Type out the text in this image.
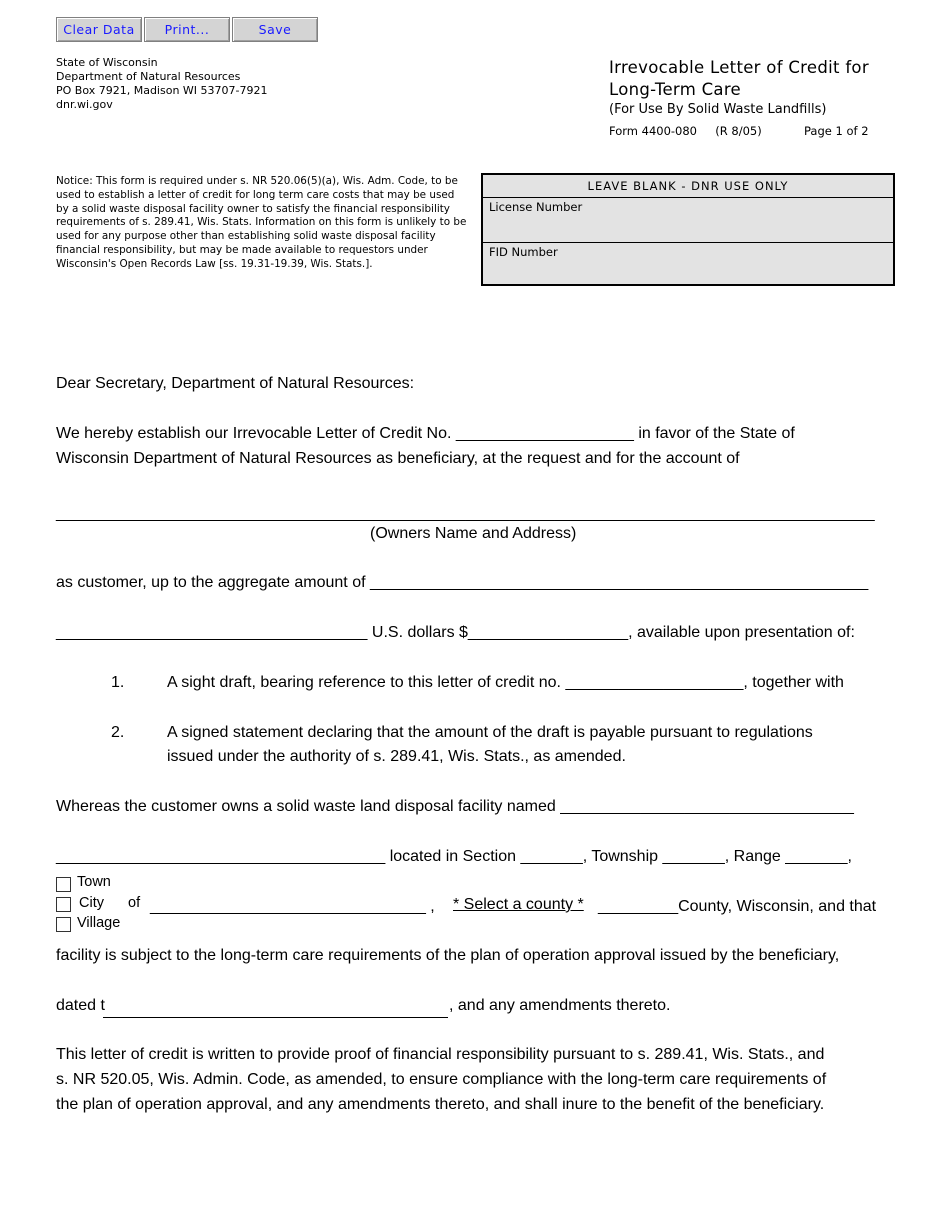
Clear Data	Print...	Save
State of Wisconsin
Department of Natural Resources
PO Box 7921, Madison WI 53707-7921
dnr.wi.gov
Irrevocable Letter of Credit for
Long-Term Care
(For Use By Solid Waste Landfills)
Form 4400-080     (R 8/05)	Page 1 of 2
Notice: This form is required under s. NR 520.06(5)(a), Wis. Adm. Code, to be used to establish a letter of credit for long term care costs that may be used by a solid waste disposal facility owner to satisfy the financial responsibility requirements of s. 289.41, Wis. Stats. Information on this form is unlikely to be used for any purpose other than establishing solid waste disposal facility financial responsibility, but may be made available to requestors under Wisconsin's Open Records Law [ss. 19.31-19.39, Wis. Stats.].
LEAVE BLANK - DNR USE ONLY
License Number
FID Number
Dear Secretary, Department of Natural Resources:
We hereby establish our Irrevocable Letter of Credit No. ____________________ in favor of the State of
Wisconsin Department of Natural Resources as beneficiary, at the request and for the account of
____________________________________________________________________________________________
(Owners Name and Address)
as customer, up to the aggregate amount of ________________________________________________________
___________________________________ U.S. dollars $__________________, available upon presentation of:
1.	A sight draft, bearing reference to this letter of credit no. ____________________, together with
2.	A signed statement declaring that the amount of the draft is payable pursuant to regulations
issued under the authority of s. 289.41, Wis. Stats., as amended.
Whereas the customer owns a solid waste land disposal facility named _________________________________
_____________________________________ located in Section _______, Township _______, Range _______,
Town
City of
Village
_______________________________ , * Select a county * _________County, Wisconsin, and that
facility is subject to the long-term care requirements of the plan of operation approval issued by the beneficiary,
dated t	, and any amendments thereto.
This letter of credit is written to provide proof of financial responsibility pursuant to s. 289.41, Wis. Stats., and
s. NR 520.05, Wis. Admin. Code, as amended, to ensure compliance with the long-term care requirements of
the plan of operation approval, and any amendments thereto, and shall inure to the benefit of the beneficiary.
